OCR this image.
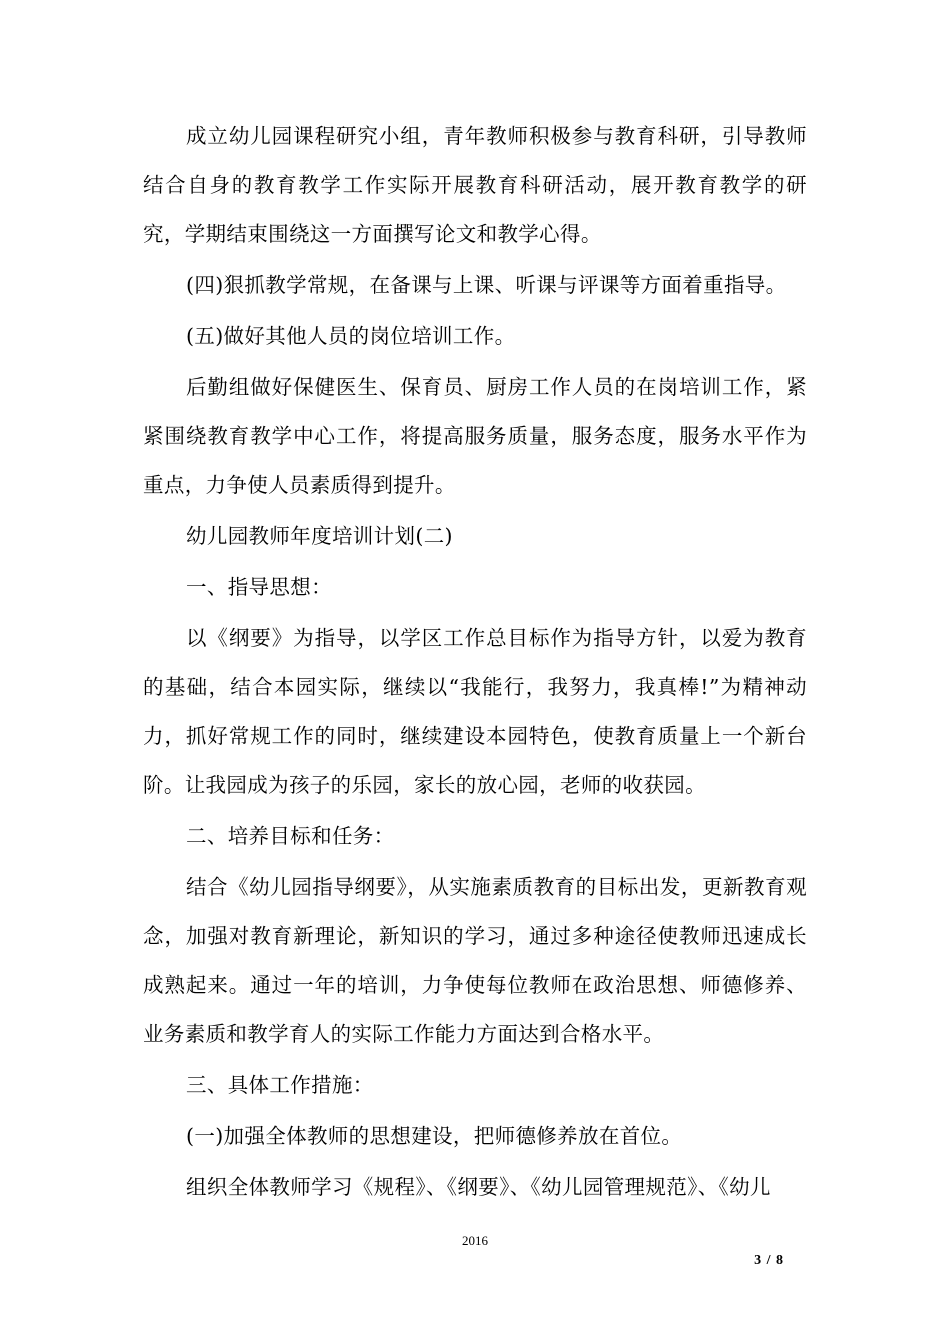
成立幼儿园课程研究小组，青年教师积极参与教育科研，引导教师结合自身的教育教学工作实际开展教育科研活动，展开教育教学的研究，学期结束围绕这一方面撰写论文和教学心得。

(四)狠抓教学常规，在备课与上课、听课与评课等方面着重指导。

(五)做好其他人员的岗位培训工作。

后勤组做好保健医生、保育员、厨房工作人员的在岗培训工作，紧紧围绕教育教学中心工作，将提高服务质量，服务态度，服务水平作为重点，力争使人员素质得到提升。

幼儿园教师年度培训计划(二)

一、指导思想：

以《纲要》为指导，以学区工作总目标作为指导方针，以爱为教育的基础，结合本园实际，继续以“我能行，我努力，我真棒!”为精神动力，抓好常规工作的同时，继续建设本园特色，使教育质量上一个新台阶。让我园成为孩子的乐园，家长的放心园，老师的收获园。

二、培养目标和任务：

结合《幼儿园指导纲要》，从实施素质教育的目标出发，更新教育观念，加强对教育新理论，新知识的学习，通过多种途径使教师迅速成长成熟起来。通过一年的培训，力争使每位教师在政治思想、师德修养、业务素质和教学育人的实际工作能力方面达到合格水平。

三、具体工作措施：

(一)加强全体教师的思想建设，把师德修养放在首位。

组织全体教师学习《规程》、《纲要》、《幼儿园管理规范》、《幼儿

2016
3 / 8
